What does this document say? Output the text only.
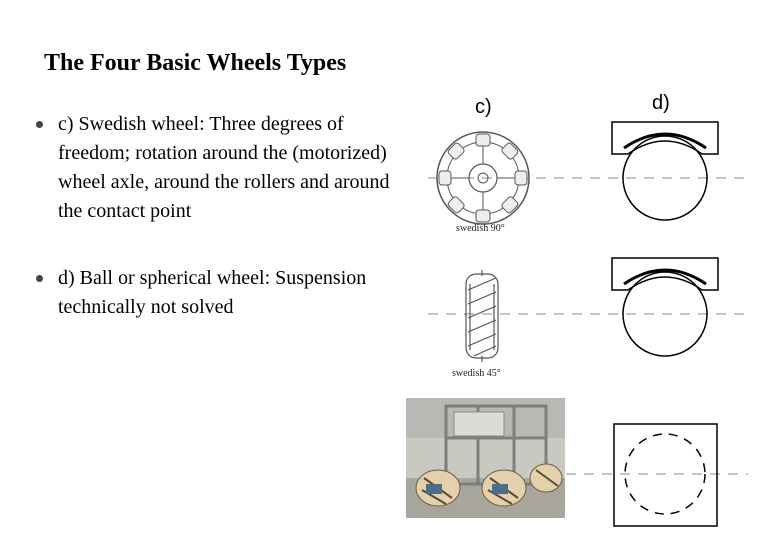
The Four Basic Wheels Types
c) Swedish wheel: Three degrees of freedom; rotation around the (motorized) wheel axle, around the rollers and around the contact point
d) Ball or spherical wheel: Suspension technically not solved
c)	d)
swedish 90°
swedish 45°
